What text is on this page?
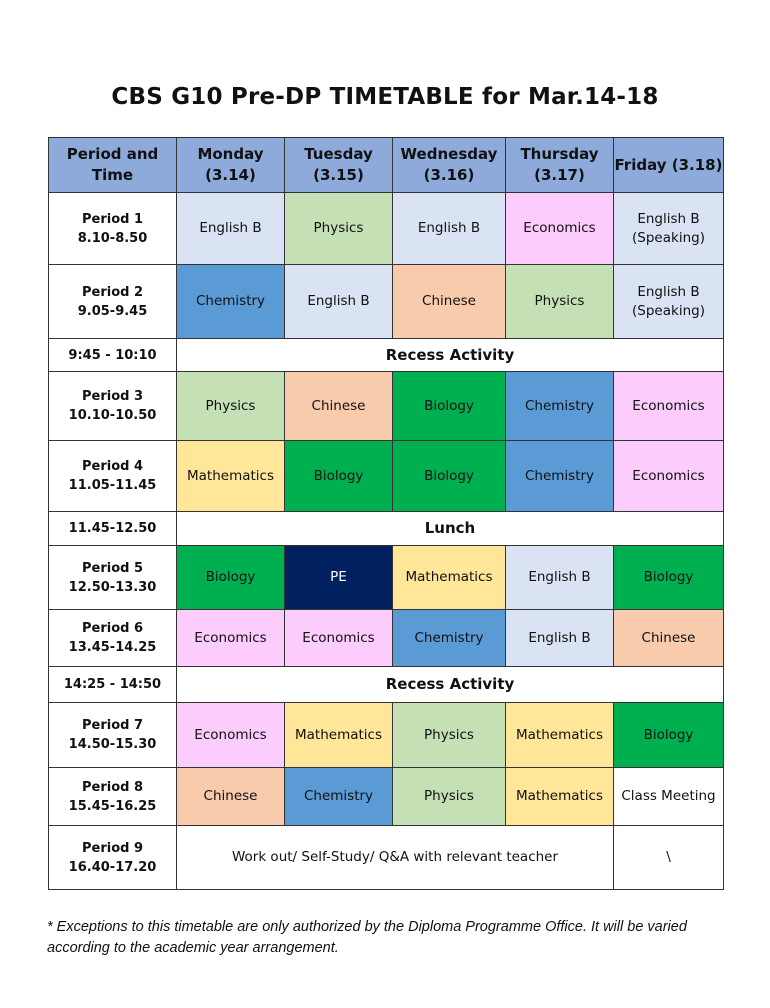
CBS G10 Pre-DP TIMETABLE for Mar.14-18
Period and Time	Monday (3.14)	Tuesday (3.15)	Wednesday (3.16)	Thursday (3.17)	Friday (3.18)

Period 1
8.10-8.50	English B	Physics	English B	Economics	English B (Speaking)

Period 2
9.05-9.45	Chemistry	English B	Chinese	Physics	English B (Speaking)

9:45 - 10:10	Recess Activity				

Period 3
10.10-10.50	Physics	Chinese	Biology	Chemistry	Economics

Period 4
11.05-11.45	Mathematics	Biology	Biology	Chemistry	Economics

11.45-12.50	Lunch				

Period 5
12.50-13.30	Biology	PE	Mathematics	English B	Biology

Period 6
13.45-14.25	Economics	Economics	Chemistry	English B	Chinese

14:25 - 14:50	Recess Activity				

Period 7
14.50-15.30	Economics	Mathematics	Physics	Mathematics	Biology

Period 8
15.45-16.25	Chinese	Chemistry	Physics	Mathematics	Class Meeting

Period 9
16.40-17.20	Work out/ Self-Study/ Q&A with relevant teacher				\
* Exceptions to this timetable are only authorized by the Diploma Programme Office. It will be varied according to the academic year arrangement.
